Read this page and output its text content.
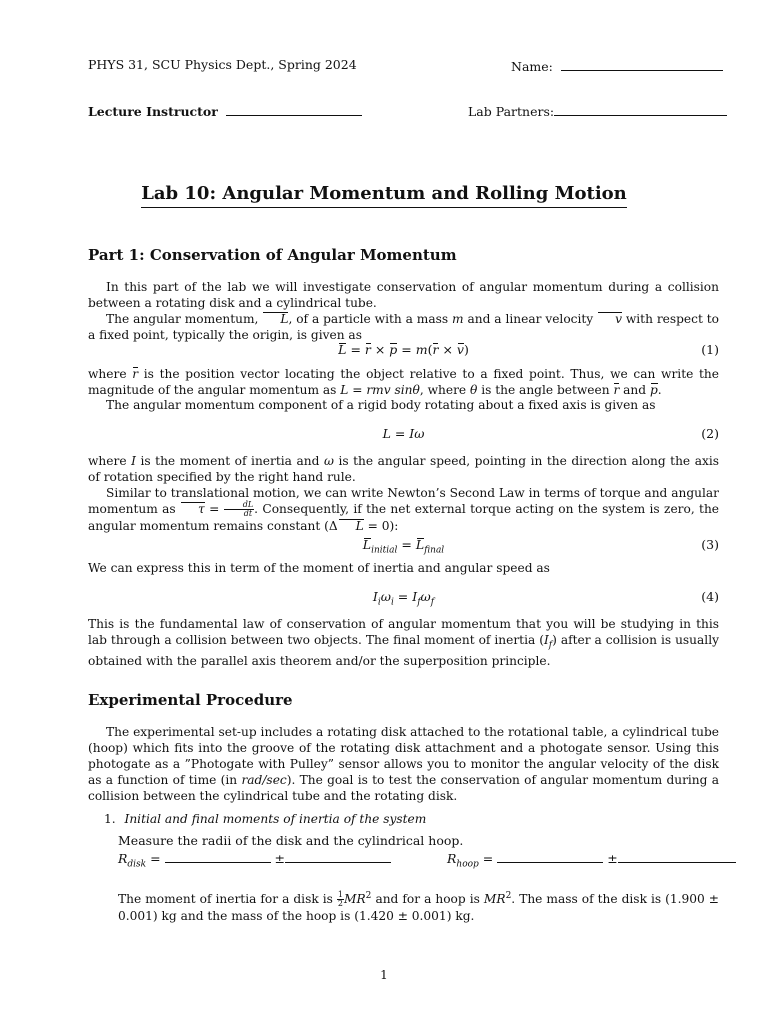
PHYS 31, SCU Physics Dept., Spring 2024	Name:
Lecture Instructor	Lab Partners:
Lab 10: Angular Momentum and Rolling Motion
Part 1: Conservation of Angular Momentum

In this part of the lab we will investigate conservation of angular momentum during a collision between a rotating disk and a cylindrical tube.

The angular momentum, L, of a particle with a mass m and a linear velocity v with respect to a fixed point, typically the origin, is given as

L = r × p = m(r × v)	(1)

where r is the position vector locating the object relative to a fixed point. Thus, we can write the magnitude of the angular momentum as L = rmv sinθ, where θ is the angle between r and p.

The angular momentum component of a rigid body rotating about a fixed axis is given as

L = Iω	(2)

where I is the moment of inertia and ω is the angular speed, pointing in the direction along the axis of rotation specified by the right hand rule.

Similar to translational motion, we can write Newton’s Second Law in terms of torque and angular momentum as $\tau = \frac{dL}{dt}$ . Consequently, if the net external torque acting on the system is zero, the angular momentum remains constant (Δ L = 0):

$L_{initial} = L_{final}$	(3)

We can express this in term of the moment of inertia and angular speed as

$I_i\omega_i = I_f\omega_f$	(4)

This is the fundamental law of conservation of angular momentum that you will be studying in this lab through a collision between two objects. The final moment of inertia $(I_f)$ after a collision is usually obtained with the parallel axis theorem and/or the superposition principle.

Experimental Procedure

The experimental set-up includes a rotating disk attached to the rotational table, a cylindrical tube (hoop) which fits into the groove of the rotating disk attachment and a photogate sensor. Using this photogate as a ”Photogate with Pulley” sensor allows you to monitor the angular velocity of the disk as a function of time (in rad/sec). The goal is to test the conservation of angular momentum during a collision between the cylindrical tube and the rotating disk.

1. Initial and final moments of inertia of the system
Measure the radii of the disk and the cylindrical hoop.
$R_{disk}$ =	±	$R_{hoop}$ =	±

The moment of inertia for a disk is $\frac{1}{2} MR^2$ and for a hoop is $MR^2$. The mass of the disk is (1.900 ± 0.001) kg and the mass of the hoop is (1.420 ± 0.001) kg.

1
